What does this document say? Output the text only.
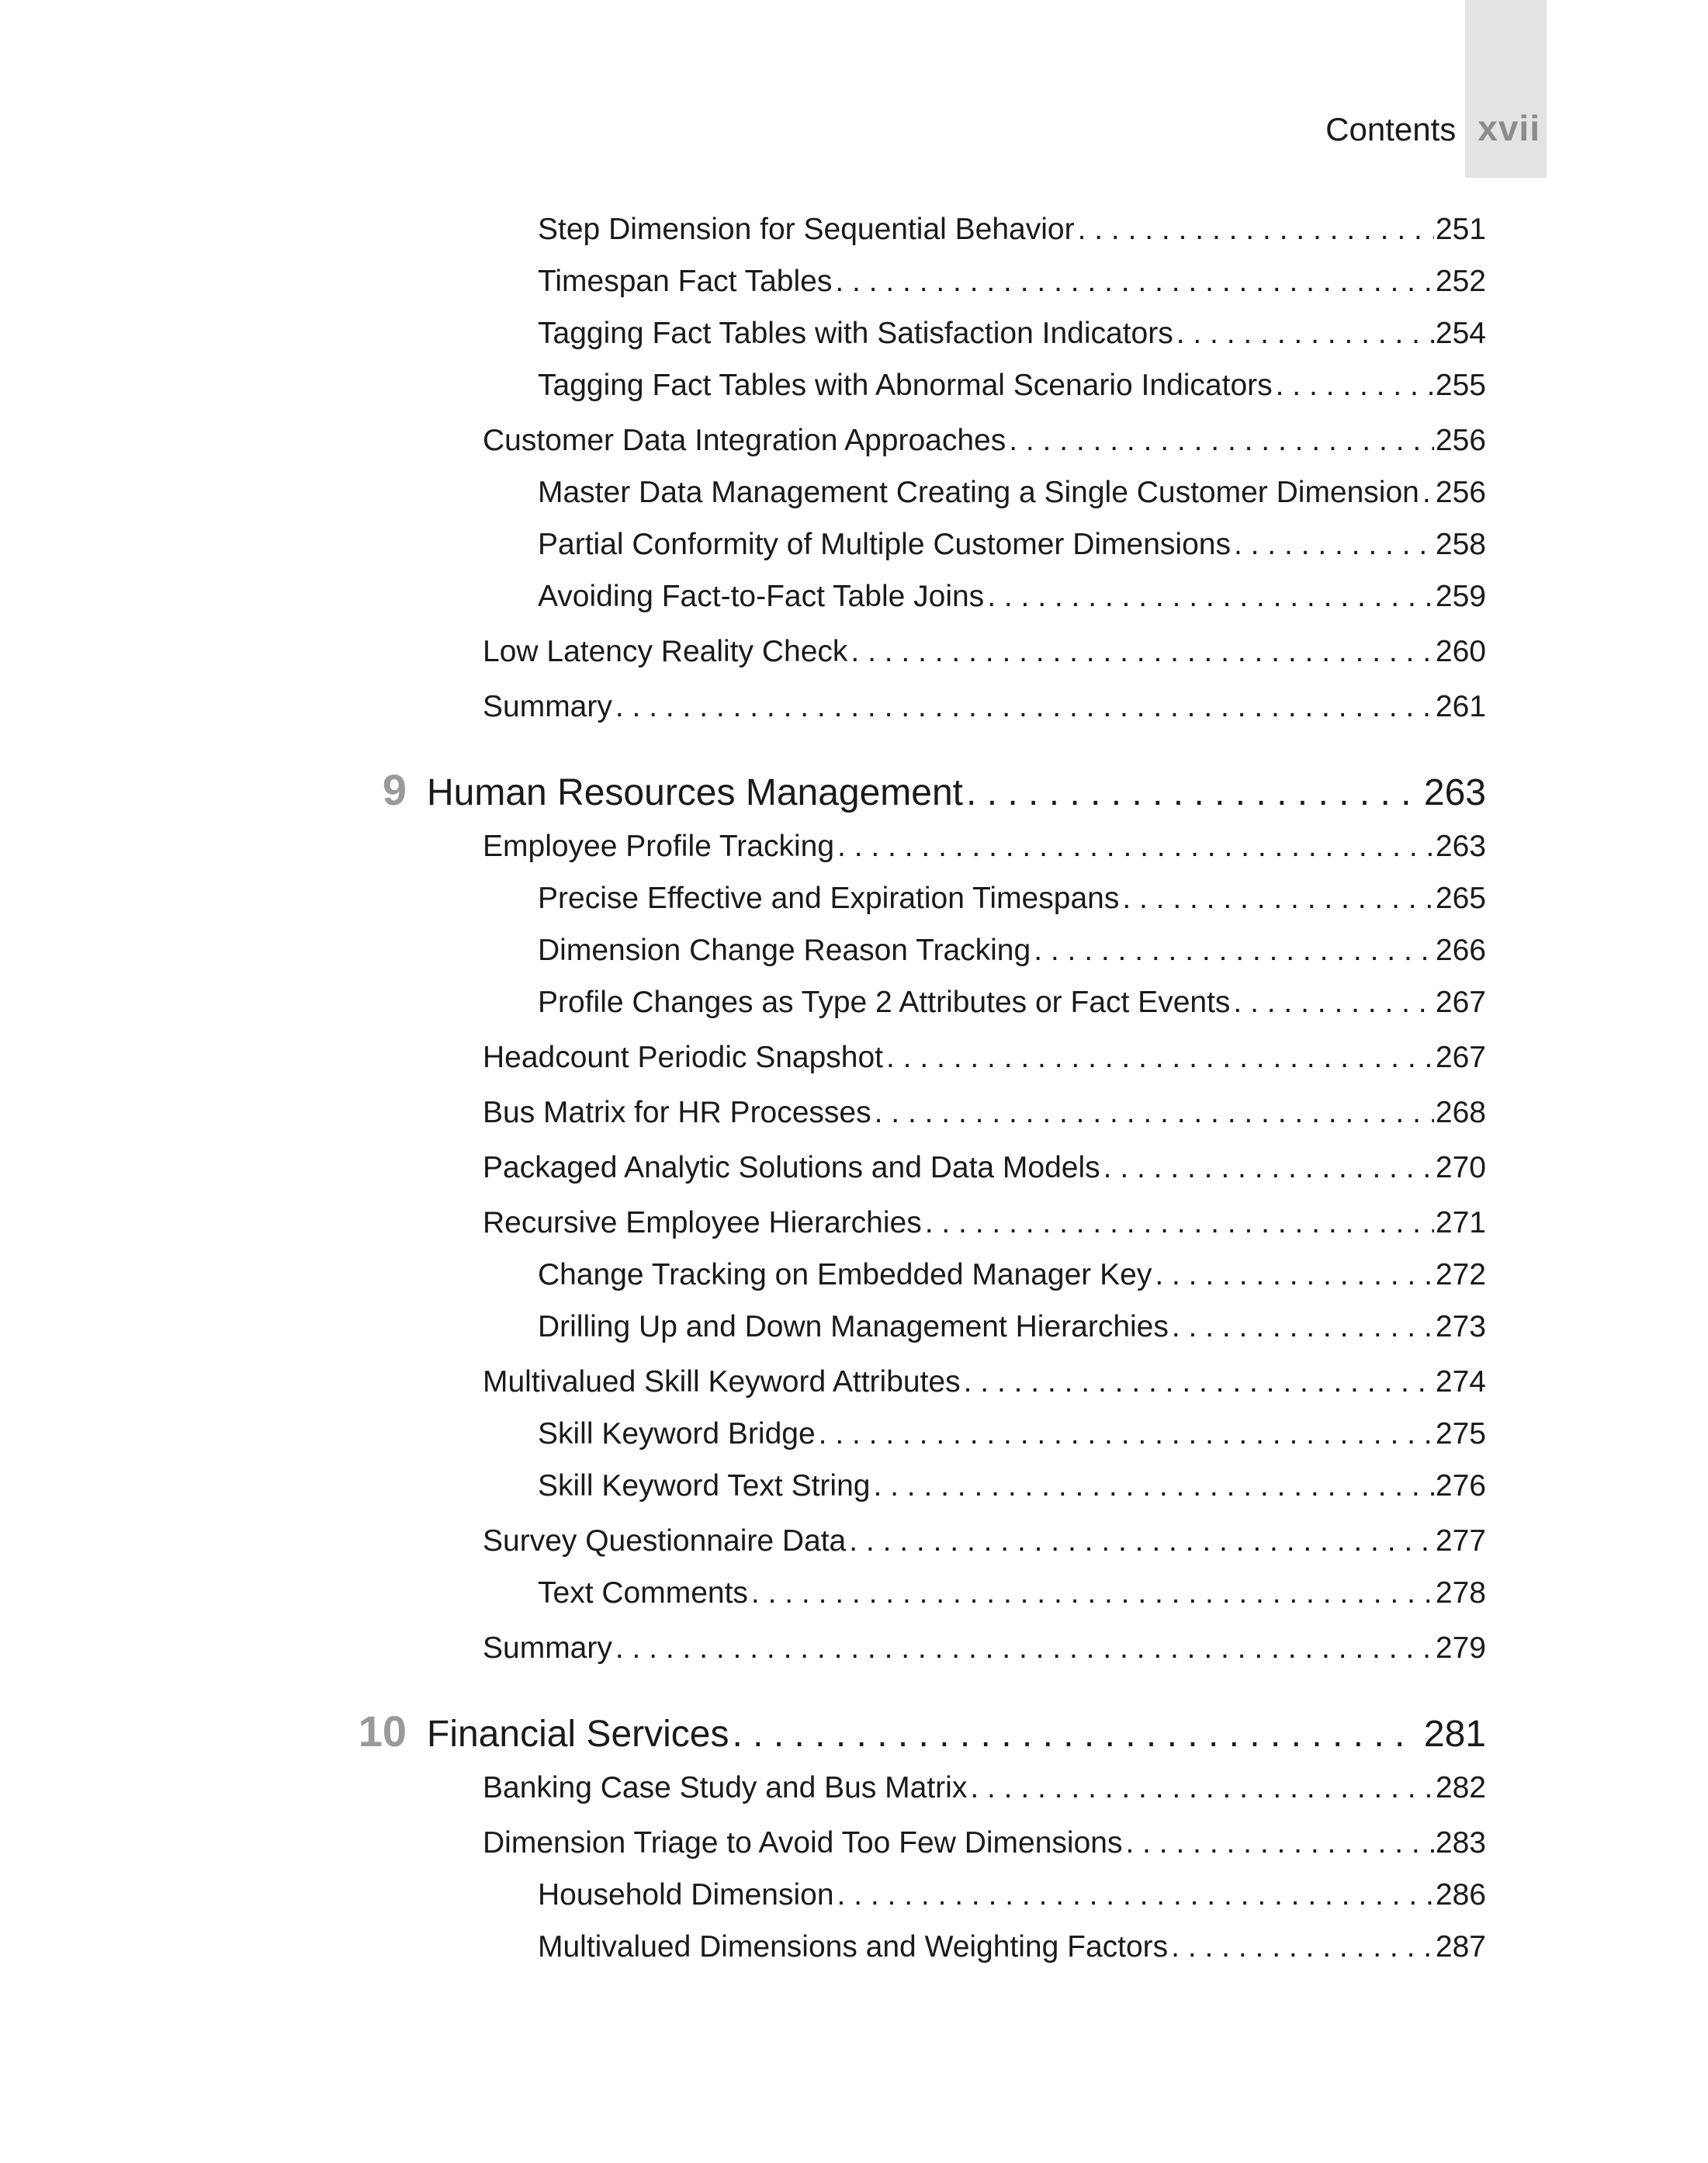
Contents xvii
Step Dimension for Sequential Behavior . . .	251
Timespan Fact Tables . . .	252
Tagging Fact Tables with Satisfaction Indicators . . .	254
Tagging Fact Tables with Abnormal Scenario Indicators . . .	255
Customer Data Integration Approaches . . .	256
Master Data Management Creating a Single Customer Dimension . . . 256
Partial Conformity of Multiple Customer Dimensions . . .	258
Avoiding Fact-to-Fact Table Joins . . .	259
Low Latency Reality Check . . .	260
Summary . . .	261
9 Human Resources Management . . .	263
Employee Profile Tracking . . .	263
Precise Effective and Expiration Timespans . . .	265
Dimension Change Reason Tracking . . .	266
Profile Changes as Type 2 Attributes or Fact Events . . .	267
Headcount Periodic Snapshot . . .	267
Bus Matrix for HR Processes . . .	268
Packaged Analytic Solutions and Data Models . . .	270
Recursive Employee Hierarchies . . .	271
Change Tracking on Embedded Manager Key . . .	272
Drilling Up and Down Management Hierarchies . . .	273
Multivalued Skill Keyword Attributes . . .	274
Skill Keyword Bridge . . .	275
Skill Keyword Text String . . .	276
Survey Questionnaire Data . . .	277
Text Comments . . .	278
Summary . . .	279
10 Financial Services . . .	281
Banking Case Study and Bus Matrix . . .	282
Dimension Triage to Avoid Too Few Dimensions . . .	283
Household Dimension . . .	286
Multivalued Dimensions and Weighting Factors . . .	287
